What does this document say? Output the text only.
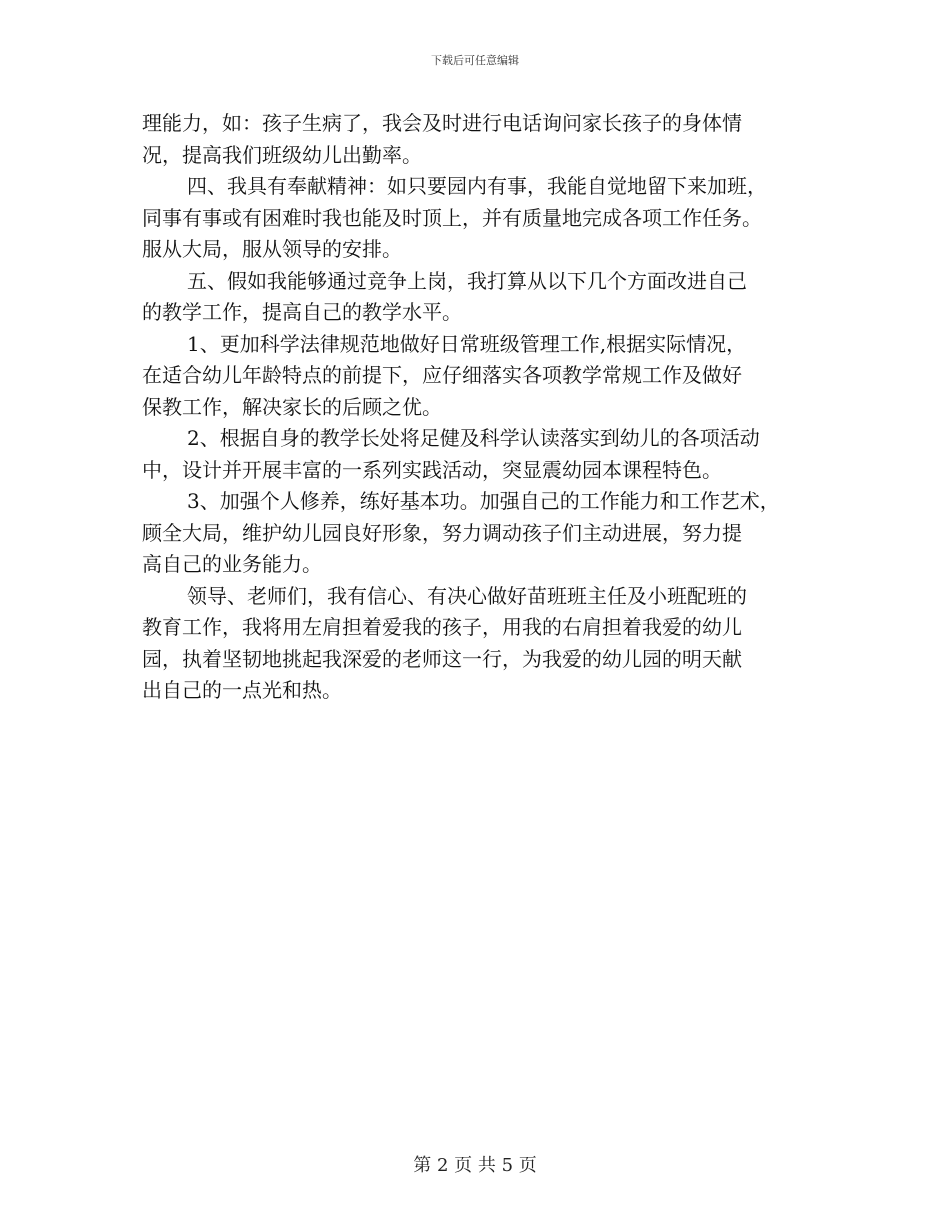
下载后可任意编辑
理能力，如：孩子生病了，我会及时进行电话询问家长孩子的身体情
况，提高我们班级幼儿出勤率。
四、我具有奉献精神：如只要园内有事，我能自觉地留下来加班，
同事有事或有困难时我也能及时顶上，并有质量地完成各项工作任务。
服从大局，服从领导的安排。
五、假如我能够通过竞争上岗，我打算从以下几个方面改进自己
的教学工作，提高自己的教学水平。
1、更加科学法律规范地做好日常班级管理工作,根据实际情况，
在适合幼儿年龄特点的前提下，应仔细落实各项教学常规工作及做好
保教工作，解决家长的后顾之优。
2、根据自身的教学长处将足健及科学认读落实到幼儿的各项活动
中，设计并开展丰富的一系列实践活动，突显震幼园本课程特色。
3、加强个人修养，练好基本功。加强自己的工作能力和工作艺术，
顾全大局，维护幼儿园良好形象，努力调动孩子们主动进展，努力提
高自己的业务能力。
领导、老师们，我有信心、有决心做好苗班班主任及小班配班的
教育工作，我将用左肩担着爱我的孩子，用我的右肩担着我爱的幼儿
园，执着坚韧地挑起我深爱的老师这一行，为我爱的幼儿园的明天献
出自己的一点光和热。
第 2 页 共 5 页
